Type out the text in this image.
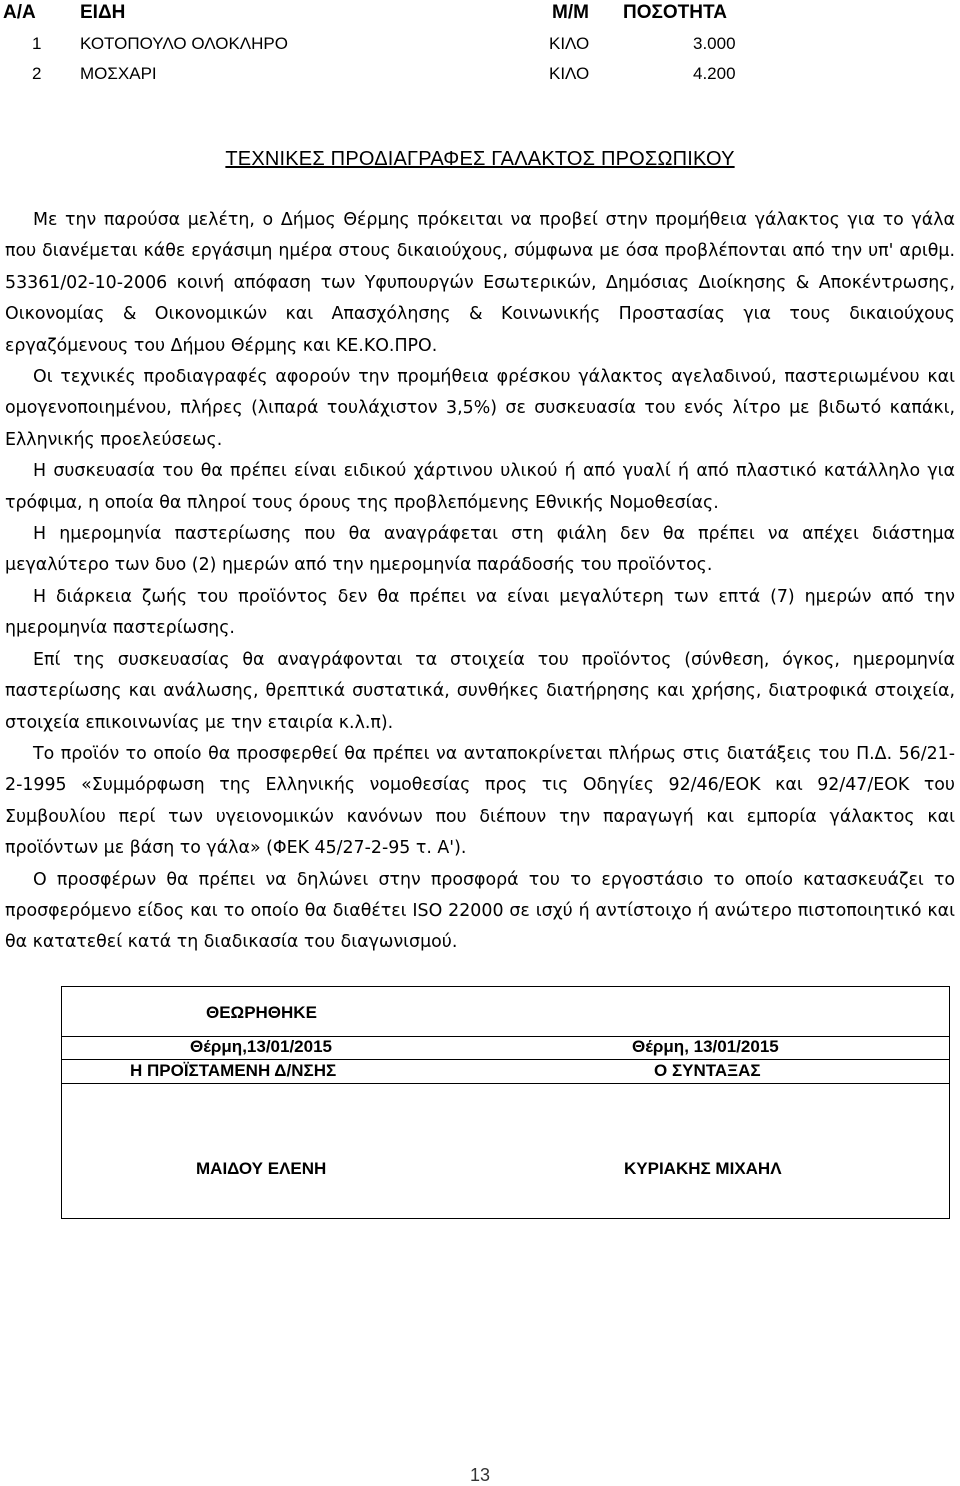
Α/Α ΕΙΔΗ	Μ/Μ ΠΟΣΟΤΗΤΑ
1 ΚΟΤΟΠΟΥΛΟ ΟΛΟΚΛΗΡΟ	ΚΙΛΟ	3.000
2 ΜΟΣΧΑΡΙ	ΚΙΛΟ	4.200
ΤΕΧΝΙΚΕΣ ΠΡΟΔΙΑΓΡΑΦΕΣ ΓΑΛΑΚΤΟΣ ΠΡΟΣΩΠΙΚΟΥ

Με την παρούσα μελέτη, ο Δήμος Θέρμης πρόκειται να προβεί στην προμήθεια γάλακτος για το γάλα που διανέμεται κάθε εργάσιμη ημέρα στους δικαιούχους, σύμφωνα με όσα προβλέπονται από την υπ' αριθμ. 53361/02-10-2006 κοινή απόφαση των Υφυπουργών Εσωτερικών, Δημόσιας Διοίκησης & Αποκέντρωσης, Οικονομίας & Οικονομικών και Απασχόλησης & Κοινωνικής Προστασίας για τους δικαιούχους εργαζόμενους του Δήμου Θέρμης και ΚΕ.ΚΟ.ΠΡΟ.

Οι τεχνικές προδιαγραφές αφορούν την προμήθεια φρέσκου γάλακτος αγελαδινού, παστεριωμένου και ομογενοποιημένου, πλήρες (λιπαρά τουλάχιστον 3,5%) σε συσκευασία του ενός λίτρο με βιδωτό καπάκι, Ελληνικής προελεύσεως.

Η συσκευασία του θα πρέπει είναι ειδικού χάρτινου υλικού ή από γυαλί ή από πλαστικό κατάλληλο για τρόφιμα, η οποία θα πληροί τους όρους της προβλεπόμενης Εθνικής Νομοθεσίας.

Η ημερομηνία παστερίωσης που θα αναγράφεται στη φιάλη δεν θα πρέπει να απέχει διάστημα μεγαλύτερο των δυο (2) ημερών από την ημερομηνία παράδοσής του προϊόντος.

Η διάρκεια ζωής του προϊόντος δεν θα πρέπει να είναι μεγαλύτερη των επτά (7) ημερών από την ημερομηνία παστερίωσης.

Επί της συσκευασίας θα αναγράφονται τα στοιχεία του προϊόντος (σύνθεση, όγκος, ημερομηνία παστερίωσης και ανάλωσης, θρεπτικά συστατικά, συνθήκες διατήρησης και χρήσης, διατροφικά στοιχεία, στοιχεία επικοινωνίας με την εταιρία κ.λ.π).

Το προϊόν το οποίο θα προσφερθεί θα πρέπει να ανταποκρίνεται πλήρως στις διατάξεις του Π.Δ. 56/21-2-1995 «Συμμόρφωση της Ελληνικής νομοθεσίας προς τις Οδηγίες 92/46/ΕΟΚ και 92/47/ΕΟΚ του Συμβουλίου περί των υγειονομικών κανόνων που διέπουν την παραγωγή και εμπορία γάλακτος και προϊόντων με βάση το γάλα» (ΦΕΚ 45/27-2-95 τ. Α').

Ο προσφέρων θα πρέπει να δηλώνει στην προσφορά του το εργοστάσιο το οποίο κατασκευάζει το προσφερόμενο είδος και το οποίο θα διαθέτει ISO 22000 σε ισχύ ή αντίστοιχο ή ανώτερο πιστοποιητικό και θα κατατεθεί κατά τη διαδικασία του διαγωνισμού.

ΘΕΩΡΗΘΗΚΕ
Θέρμη,13/01/2015	Θέρμη, 13/01/2015
Η ΠΡΟΪΣΤΑΜΕΝΗ Δ/ΝΣΗΣ	Ο ΣΥΝΤΑΞΑΣ
ΜΑΙΔΟΥ ΕΛΕΝΗ	ΚΥΡΙΑΚΗΣ ΜΙΧΑΗΛ
13
